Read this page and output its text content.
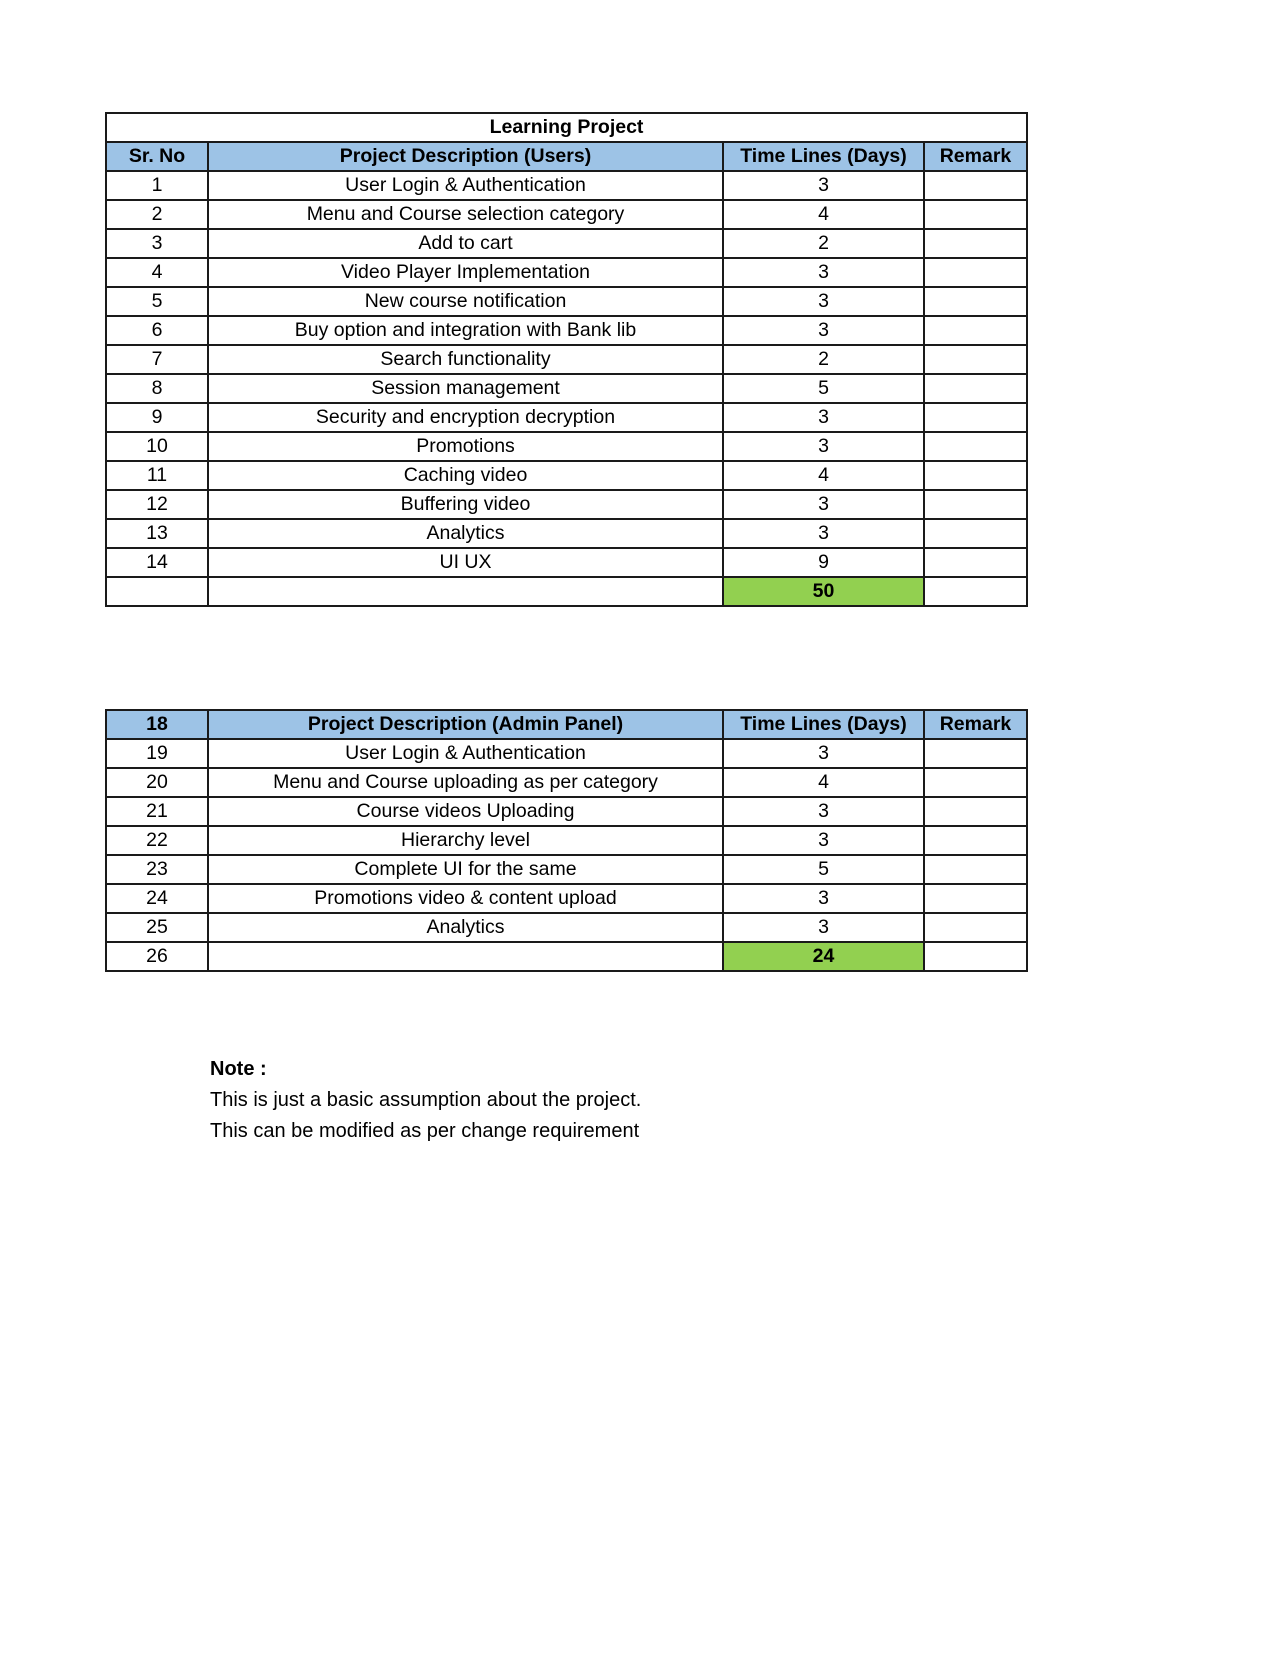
Learning Project			
Sr. No	Project Description (Users)	Time Lines (Days)	Remark
1	User Login & Authentication	3	
2	Menu and Course selection category	4	
3	Add to cart	2	
4	Video Player Implementation	3	
5	New course notification	3	
6	Buy option and integration with Bank lib	3	
7	Search functionality	2	
8	Session management	5	
9	Security and encryption decryption	3	
10	Promotions	3	
11	Caching video	4	
12	Buffering video	3	
13	Analytics	3	
14	UI UX	9	
		50	
18	Project Description (Admin Panel)	Time Lines (Days)	Remark
19	User Login & Authentication	3	
20	Menu and Course uploading as per category	4	
21	Course videos Uploading	3	
22	Hierarchy level	3	
23	Complete UI for the same	5	
24	Promotions video & content upload	3	
25	Analytics	3	
26		24	
Note :
This is just a basic assumption about the project.
This can be modified as per change requirement
